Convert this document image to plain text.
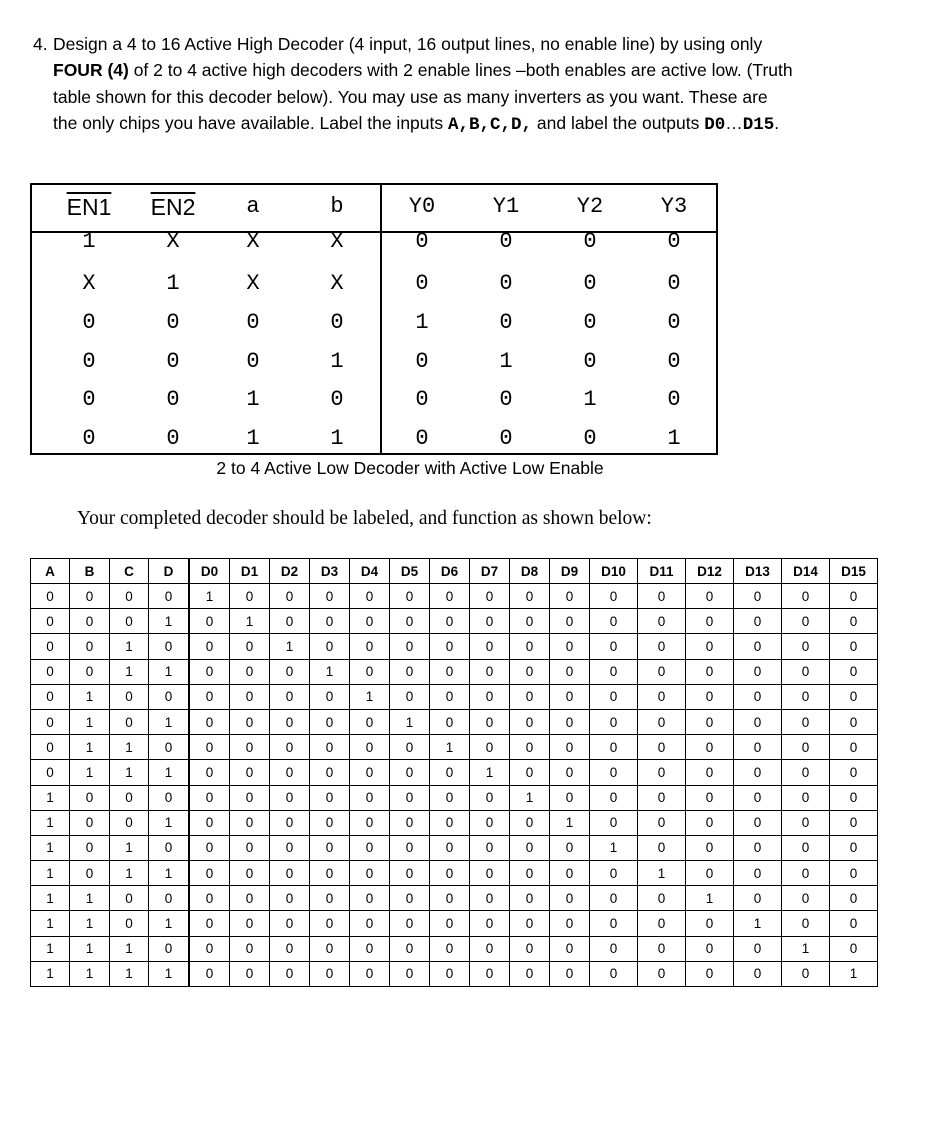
4. Design a 4 to 16 Active High Decoder (4 input, 16 output lines, no enable line) by using only FOUR (4) of 2 to 4 active high decoders with 2 enable lines –both enables are active low. (Truth table shown for this decoder below). You may use as many inverters as you want. These are the only chips you have available. Label the inputs A,B,C,D, and label the outputs D0…D15.
EN1	EN2	a	b	Y0	Y1	Y2	Y3
1	X	X	X	0	0	0	0
X	1	X	X	0	0	0	0
0	0	0	0	1	0	0	0
0	0	0	1	0	1	0	0
0	0	1	0	0	0	1	0
0	0	1	1	0	0	0	1
2 to 4 Active Low Decoder with Active Low Enable
Your completed decoder should be labeled, and function as shown below:
A	B	C	D	D0	D1	D2	D3	D4	D5	D6	D7	D8	D9	D10	D11	D12	D13	D14	D15
0	0	0	0	1	0	0	0	0	0	0	0	0	0	0	0	0	0	0	0
0	0	0	1	0	1	0	0	0	0	0	0	0	0	0	0	0	0	0	0
0	0	1	0	0	0	1	0	0	0	0	0	0	0	0	0	0	0	0	0
0	0	1	1	0	0	0	1	0	0	0	0	0	0	0	0	0	0	0	0
0	1	0	0	0	0	0	0	1	0	0	0	0	0	0	0	0	0	0	0
0	1	0	1	0	0	0	0	0	1	0	0	0	0	0	0	0	0	0	0
0	1	1	0	0	0	0	0	0	0	1	0	0	0	0	0	0	0	0	0
0	1	1	1	0	0	0	0	0	0	0	1	0	0	0	0	0	0	0	0
1	0	0	0	0	0	0	0	0	0	0	0	1	0	0	0	0	0	0	0
1	0	0	1	0	0	0	0	0	0	0	0	0	1	0	0	0	0	0	0
1	0	1	0	0	0	0	0	0	0	0	0	0	0	1	0	0	0	0	0
1	0	1	1	0	0	0	0	0	0	0	0	0	0	0	1	0	0	0	0
1	1	0	0	0	0	0	0	0	0	0	0	0	0	0	0	1	0	0	0
1	1	0	1	0	0	0	0	0	0	0	0	0	0	0	0	0	1	0	0
1	1	1	0	0	0	0	0	0	0	0	0	0	0	0	0	0	0	1	0
1	1	1	1	0	0	0	0	0	0	0	0	0	0	0	0	0	0	0	1
